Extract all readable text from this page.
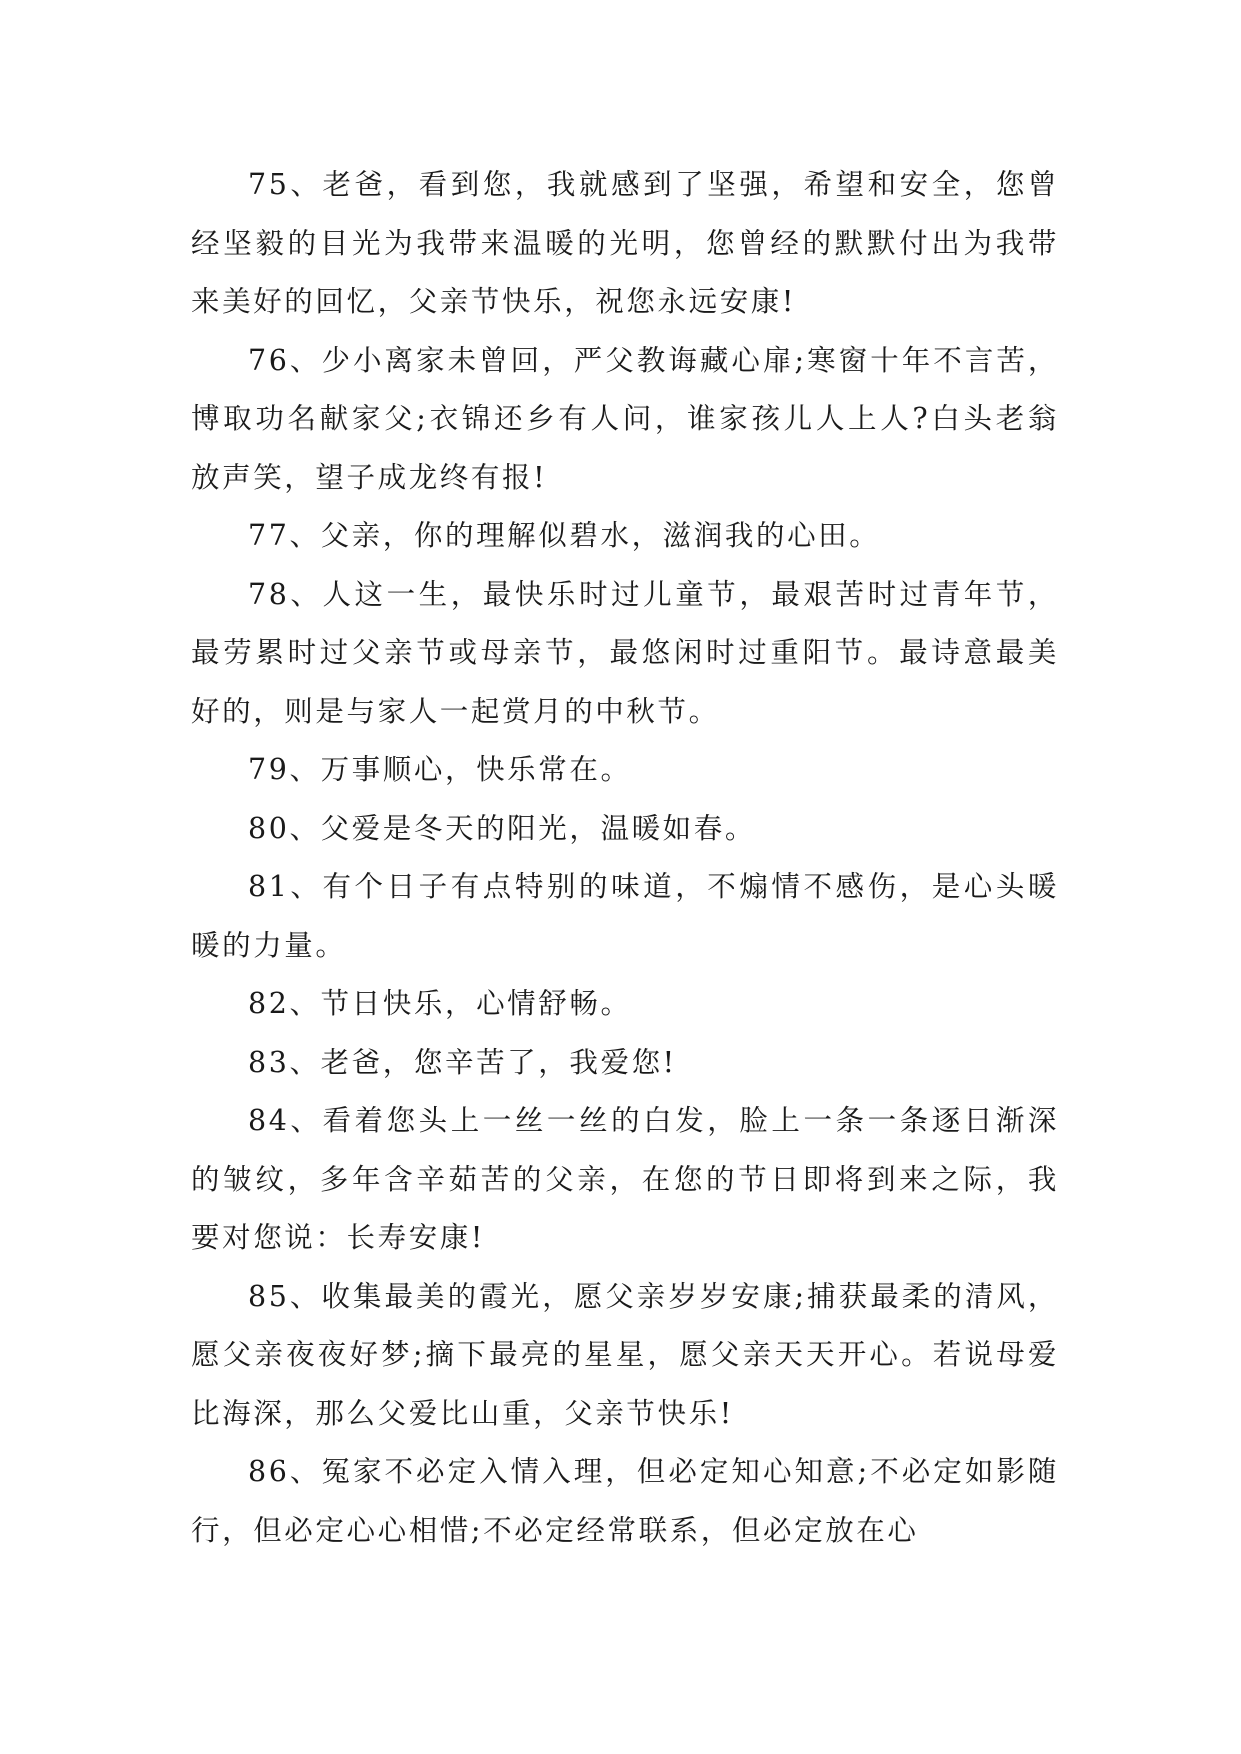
75、老爸，看到您，我就感到了坚强，希望和安全，您曾经坚毅的目光为我带来温暖的光明，您曾经的默默付出为我带来美好的回忆，父亲节快乐，祝您永远安康!

76、少小离家未曾回，严父教诲藏心扉;寒窗十年不言苦，博取功名献家父;衣锦还乡有人问，谁家孩儿人上人?白头老翁放声笑，望子成龙终有报!

77、父亲，你的理解似碧水，滋润我的心田。

78、人这一生，最快乐时过儿童节，最艰苦时过青年节，最劳累时过父亲节或母亲节，最悠闲时过重阳节。最诗意最美好的，则是与家人一起赏月的中秋节。

79、万事顺心，快乐常在。

80、父爱是冬天的阳光，温暖如春。

81、有个日子有点特别的味道，不煽情不感伤，是心头暖暖的力量。

82、节日快乐，心情舒畅。

83、老爸，您辛苦了，我爱您!

84、看着您头上一丝一丝的白发，脸上一条一条逐日渐深的皱纹，多年含辛茹苦的父亲，在您的节日即将到来之际，我要对您说：长寿安康!

85、收集最美的霞光，愿父亲岁岁安康;捕获最柔的清风，愿父亲夜夜好梦;摘下最亮的星星，愿父亲天天开心。若说母爱比海深，那么父爱比山重，父亲节快乐!

86、冤家不必定入情入理，但必定知心知意;不必定如影随行，但必定心心相惜;不必定经常联系，但必定放在心
